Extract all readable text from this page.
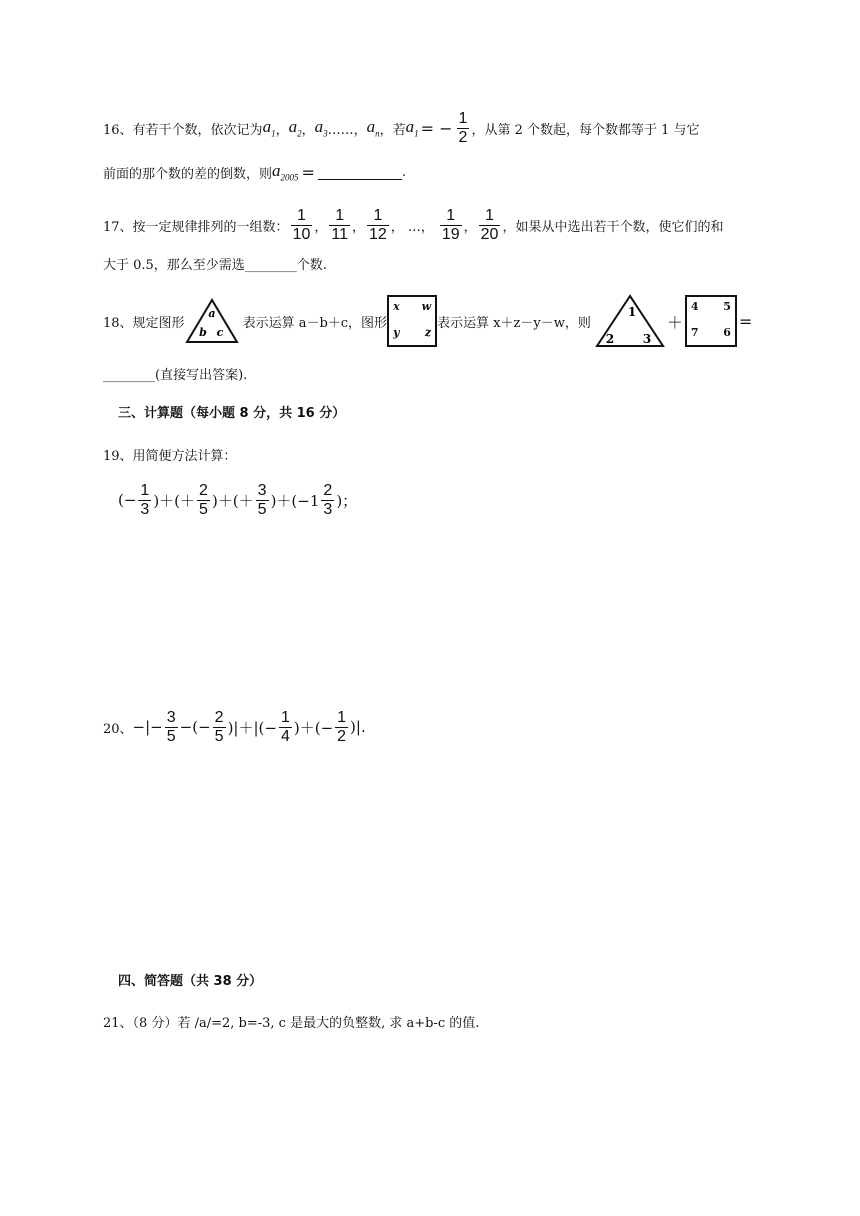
16、 有若干个数，依次记为 $a_1$ ， $a_2$ ， $a_3$ ……， $a_n$ ，若 $a_1$ = − $\frac{1}{2}$ ，从第 2 个数起，每个数都等于 1 与它
前面的那个数的差的倒数，则 $a_{2005}$ =	.
17、 按一定规律排列的一组数： $\frac{1}{10}$ ， $\frac{1}{11}$ ， $\frac{1}{12}$ ， …， $\frac{1}{19}$ ， $\frac{1}{20}$ ，如果从中选出若干个数，使它们的和
大于 0.5，那么至少需选________个数.
18、 规定图形
a
b c
表示运算 a－b＋c，图形
x w
y z
表示运算 x＋z－y－w，则
1
2 3
＋
4 5
7 6
=
________(直接写出答案).
三、计算题（每小题 8 分，共 16 分）
19、用简便方法计算：
(− $\frac{1}{3}$ )＋(＋ $\frac{2}{5}$ )＋(＋ $\frac{3}{5} )+(-1 \frac{2}{3}$ )；
20、 −|− $\frac{3}{5}$ −(− $\frac{2}{5}$ )|＋|(− $\frac{1}{4}$ )＋(− $\frac{1}{2}$ )|.
四、简答题（共 38 分）
21、（8 分）若 /a/=2, b=-3, c 是最大的负整数, 求 a+b-c 的值.
